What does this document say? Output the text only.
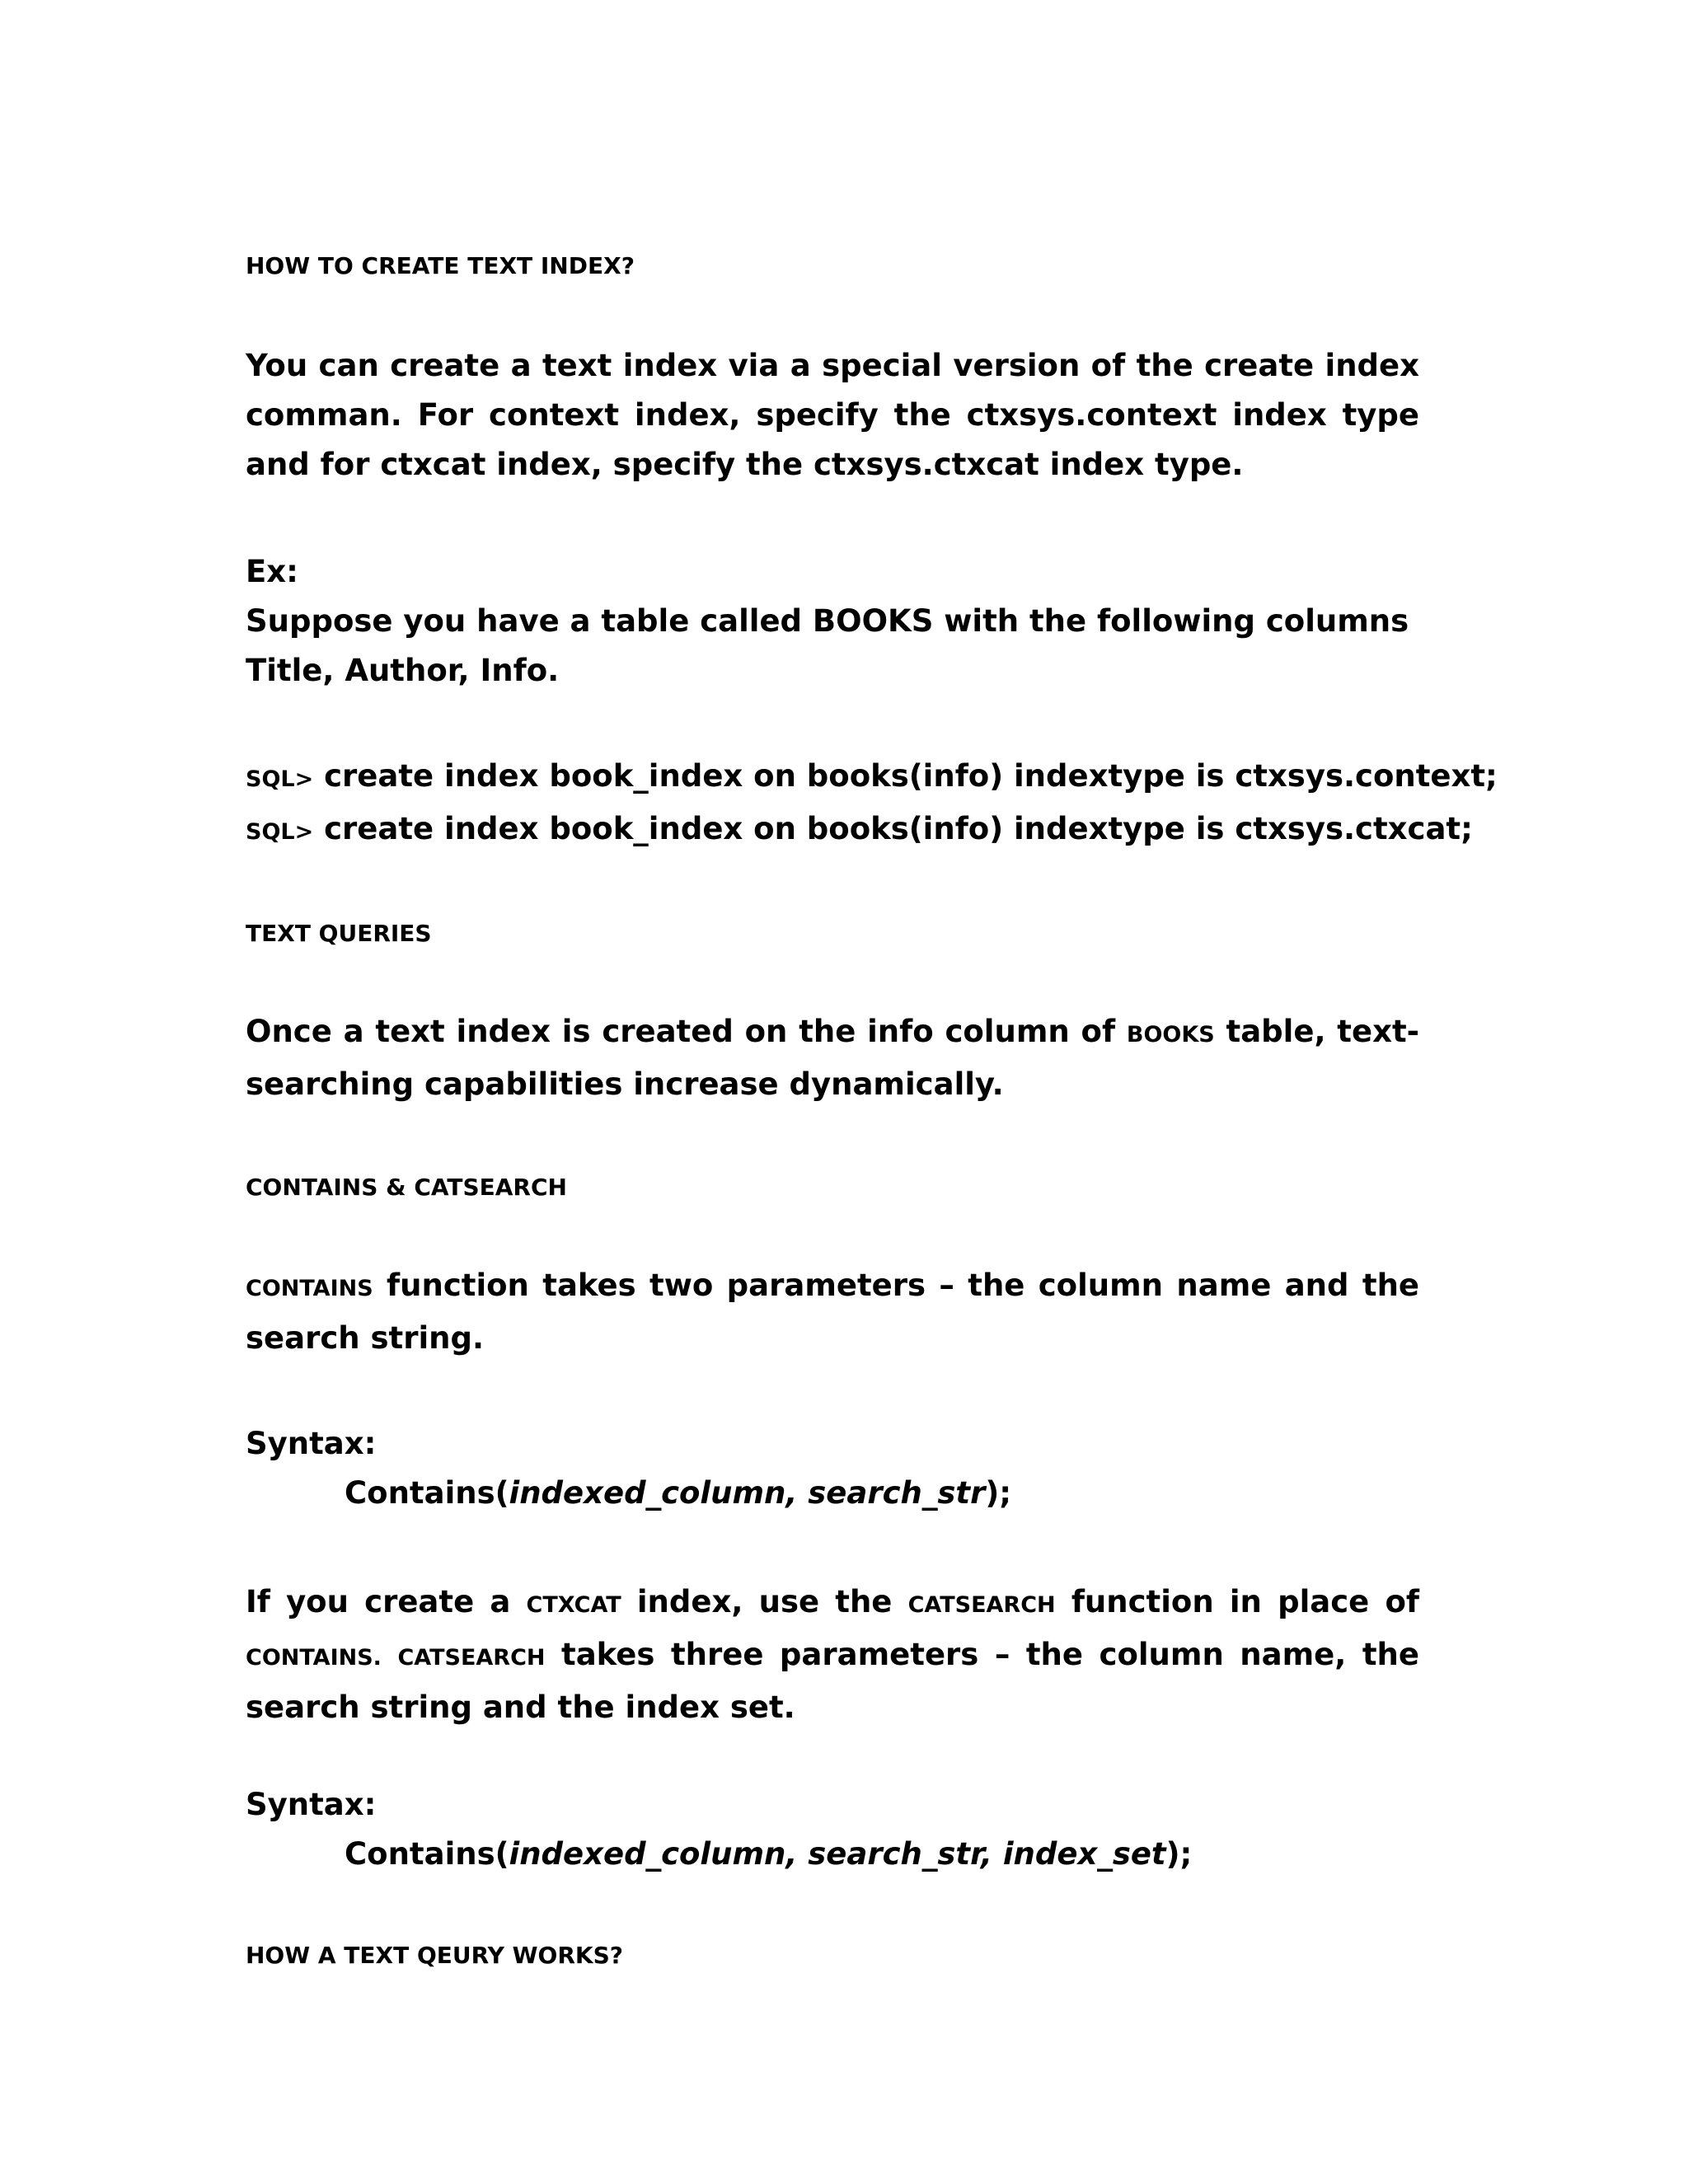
HOW TO CREATE TEXT INDEX?
You can create a text index via a special version of the create index comman. For context index, specify the ctxsys.context index type and for ctxcat index, specify the ctxsys.ctxcat index type.
Ex:
Suppose you have a table called BOOKS with the following columns
Title, Author, Info.
SQL> create index book_index on books(info) indextype is ctxsys.context;
SQL> create index book_index on books(info) indextype is ctxsys.ctxcat;
TEXT QUERIES
Once a text index is created on the info column of BOOKS table, text-searching capabilities increase dynamically.
CONTAINS & CATSEARCH
CONTAINS function takes two parameters – the column name and the search string.
Syntax:
Contains(indexed_column, search_str);
If you create a CTXCAT index, use the CATSEARCH function in place of CONTAINS. CATSEARCH takes three parameters – the column name, the search string and the index set.
Syntax:
Contains(indexed_column, search_str, index_set);
HOW A TEXT QEURY WORKS?
